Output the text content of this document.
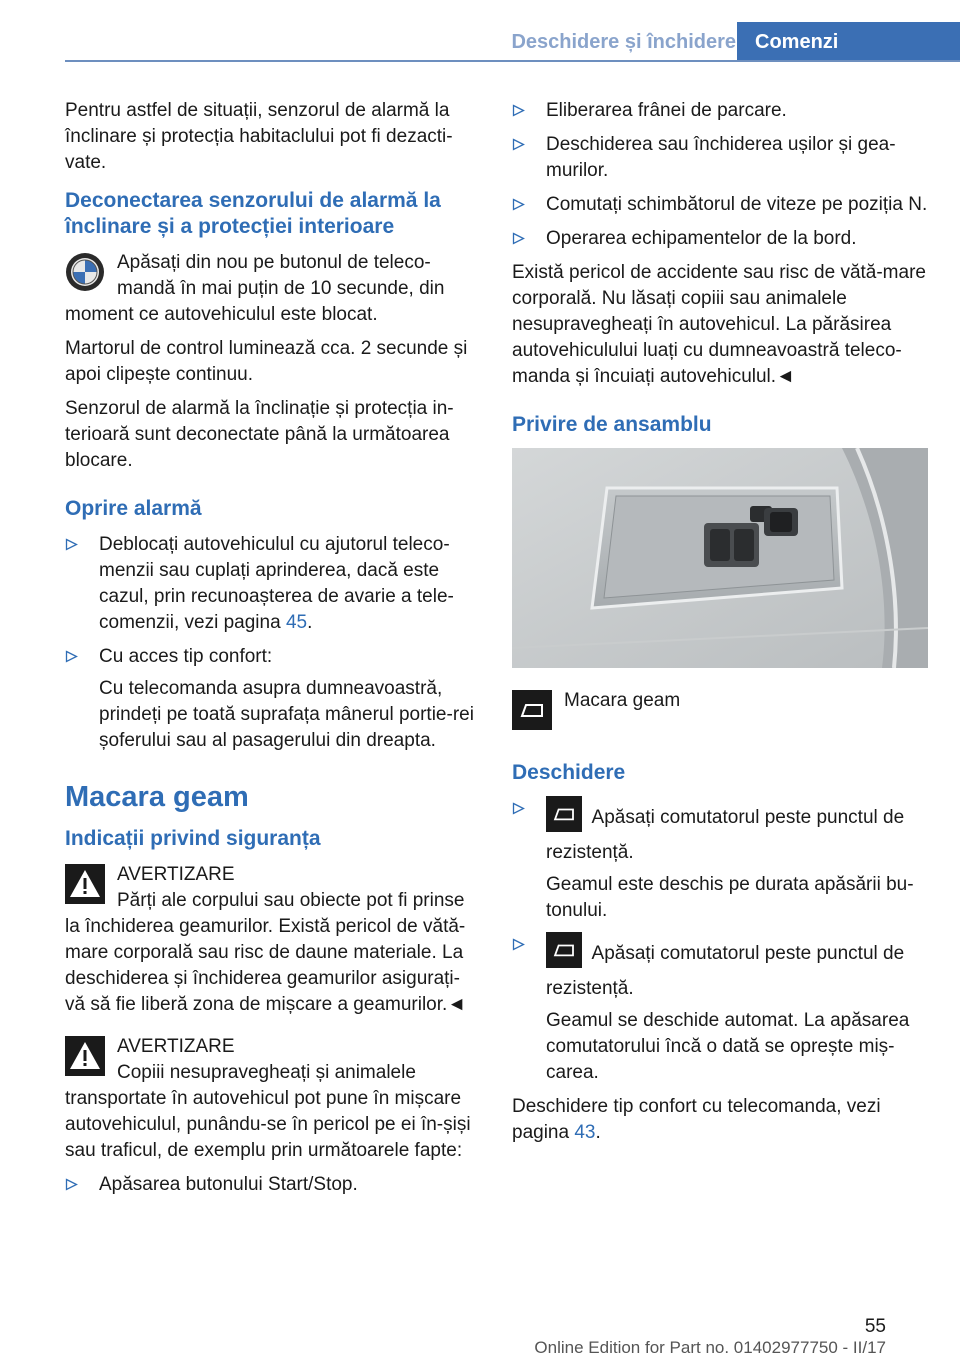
Deschidere și închidere Comenzi

Pentru astfel de situații, senzorul de alarmă la înclinare și protecția habitaclului pot fi dezacti‐vate.

Deconectarea senzorului de alarmă la înclinare și a protecției interioare
Apăsați din nou pe butonul de teleco‐mandă în mai puțin de 10 secunde, din moment ce autovehiculul este blocat.

Martorul de control luminează cca. 2 secunde și apoi clipește continuu.

Senzorul de alarmă la înclinație și protecția in‐terioară sunt deconectate până la următoarea blocare.

Oprire alarmă

Deblocați autovehiculul cu ajutorul teleco‐menzii sau cuplați aprinderea, dacă este cazul, prin recunoașterea de avarie a tele‐comenzii, vezi pagina 45.

Cu acces tip confort:

Cu telecomanda asupra dumneavoastră, prindeți pe toată suprafața mânerul portie‐rei șoferului sau al pasagerului din dreapta.

Macara geam
Indicații privind siguranța
AVERTIZARE
Părți ale corpului sau obiecte pot fi prinse la închiderea geamurilor. Există pericol de vătă‐mare corporală sau risc de daune materiale. La deschiderea și închiderea geamurilor asigurați-vă să fie liberă zona de mișcare a geamurilor.◄
AVERTIZARE
Copiii nesupravegheați și animalele transportate în autovehicul pot pune în mișcare autovehiculul, punându-se în pericol pe ei în‐șiși sau traficul, de exemplu prin următoarele fapte:

Apăsarea butonului Start/Stop.

Eliberarea frânei de parcare.

Deschiderea sau închiderea ușilor și gea‐murilor.

Comutați schimbătorul de viteze pe poziția N.

Operarea echipamentelor de la bord.

Există pericol de accidente sau risc de vătă‐mare corporală. Nu lăsați copiii sau animalele nesupravegheați în autovehicul. La părăsirea autovehiculului luați cu dumneavoastră teleco‐manda și încuiați autovehiculul.◄

Privire de ansamblu
Macara geam
Deschidere

Apăsați comutatorul peste punctul de rezistență.

Geamul este deschis pe durata apăsării bu‐tonului.

Apăsați comutatorul peste punctul de rezistență.

Geamul se deschide automat. La apăsarea comutatorului încă o dată se oprește miș‐carea.

Deschidere tip confort cu telecomanda, vezi pagina 43.

55
Online Edition for Part no. 01402977750 - II/17
